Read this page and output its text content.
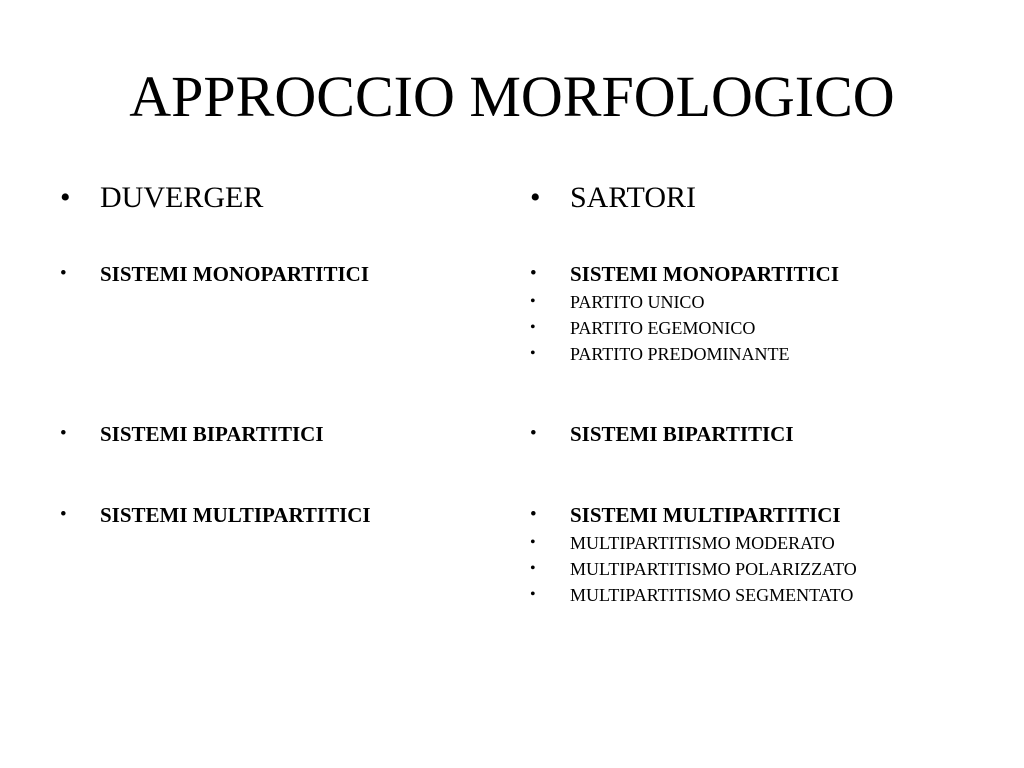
APPROCCIO MORFOLOGICO
• DUVERGER
• SISTEMI MONOPARTITICI
• SISTEMI BIPARTITICI
• SISTEMI MULTIPARTITICI
• SARTORI
• SISTEMI MONOPARTITICI
• PARTITO UNICO
• PARTITO EGEMONICO
• PARTITO PREDOMINANTE
• SISTEMI BIPARTITICI
• SISTEMI MULTIPARTITICI
• MULTIPARTITISMO MODERATO
• MULTIPARTITISMO POLARIZZATO
• MULTIPARTITISMO SEGMENTATO
